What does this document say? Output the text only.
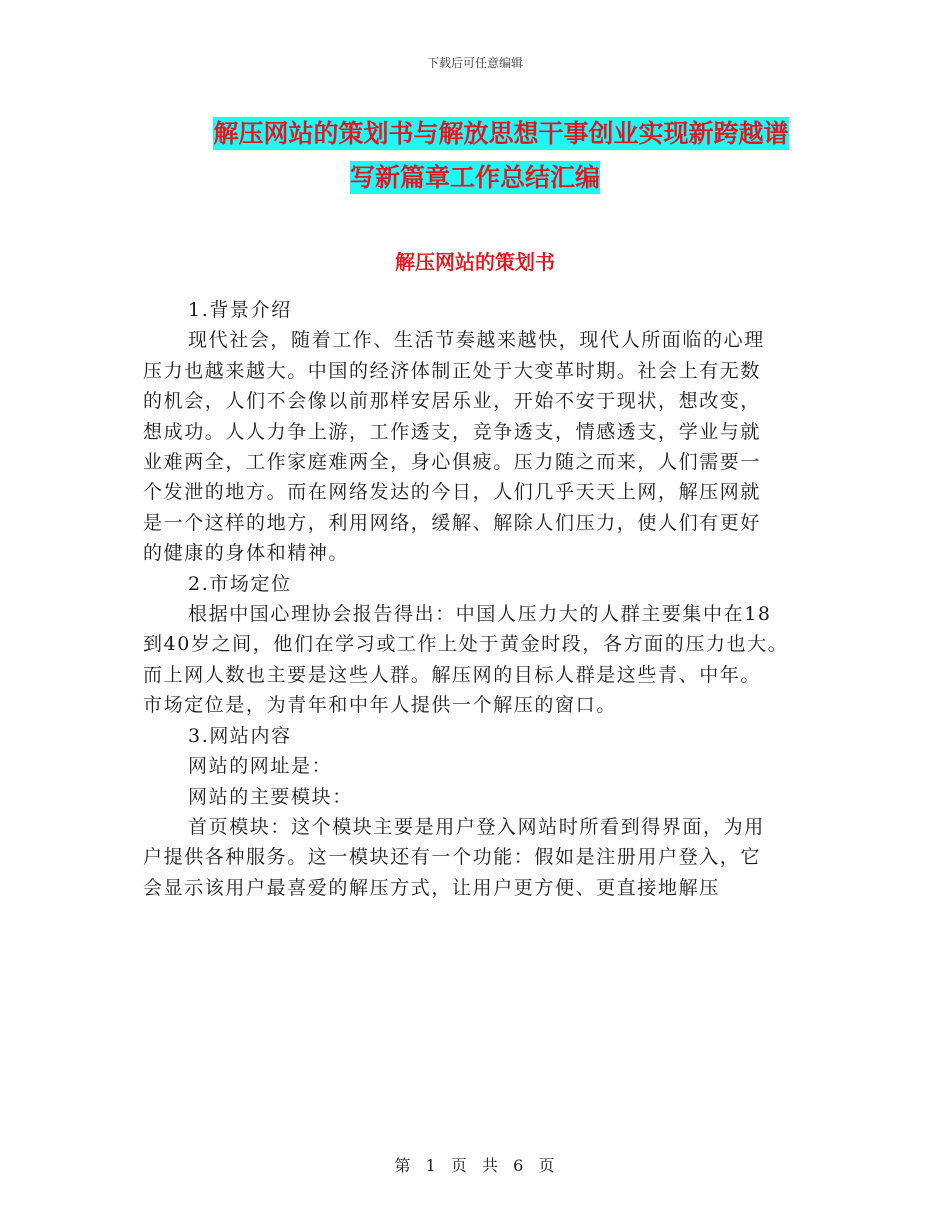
下载后可任意编辑
解压网站的策划书与解放思想干事创业实现新跨越谱
写新篇章工作总结汇编
解压网站的策划书
1.背景介绍
现代社会，随着工作、生活节奏越来越快，现代人所面临的心理
压力也越来越大。中国的经济体制正处于大变革时期。社会上有无数
的机会，人们不会像以前那样安居乐业，开始不安于现状，想改变，
想成功。人人力争上游，工作透支，竞争透支，情感透支，学业与就
业难两全，工作家庭难两全，身心俱疲。压力随之而来，人们需要一
个发泄的地方。而在网络发达的今日，人们几乎天天上网，解压网就
是一个这样的地方，利用网络，缓解、解除人们压力，使人们有更好
的健康的身体和精神。
2.市场定位
根据中国心理协会报告得出：中国人压力大的人群主要集中在18
到40岁之间，他们在学习或工作上处于黄金时段，各方面的压力也大。
而上网人数也主要是这些人群。解压网的目标人群是这些青、中年。
市场定位是，为青年和中年人提供一个解压的窗口。
3.网站内容
网站的网址是：
网站的主要模块：
首页模块：这个模块主要是用户登入网站时所看到得界面，为用
户提供各种服务。这一模块还有一个功能：假如是注册用户登入，它
会显示该用户最喜爱的解压方式，让用户更方便、更直接地解压
第 1 页 共 6 页
